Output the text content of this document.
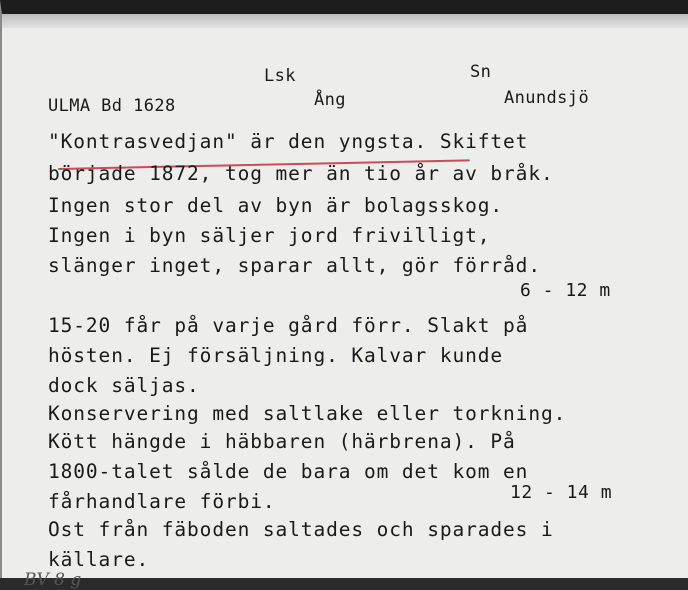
Lsk	Sn
ULMA Bd 1628	Ång	Anundsjö
"Kontrasvedjan" är den yngsta. Skiftet
började 1872, tog mer än tio år av bråk.
Ingen stor del av byn är bolagsskog.
Ingen i byn säljer jord frivilligt,
slänger inget, sparar allt, gör förråd.
6 - 12 m
15-20 får på varje gård förr. Slakt på
hösten. Ej försäljning. Kalvar kunde
dock säljas.
Konservering med saltlake eller torkning.
Kött hängde i häbbaren (härbrena). På
1800-talet sålde de bara om det kom en
fårhandlare förbi.	12 - 14 m
Ost från fäboden saltades och sparades i
källare.
BV 8 g
